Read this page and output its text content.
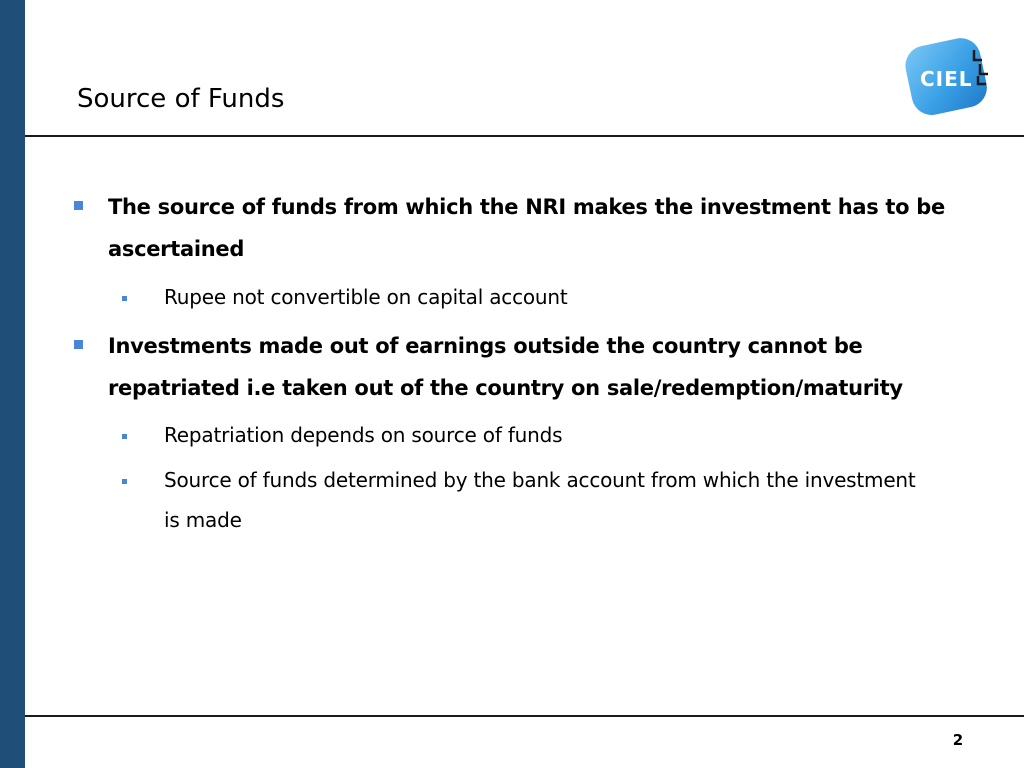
Source of Funds
CIEL
The source of funds from which the NRI makes the investment has to be ascertained
Rupee not convertible on capital account
Investments made out of earnings outside the country cannot be repatriated i.e taken out of the country on sale/redemption/maturity
Repatriation depends on source of funds
Source of funds determined by the bank account from which the investment is made
2
